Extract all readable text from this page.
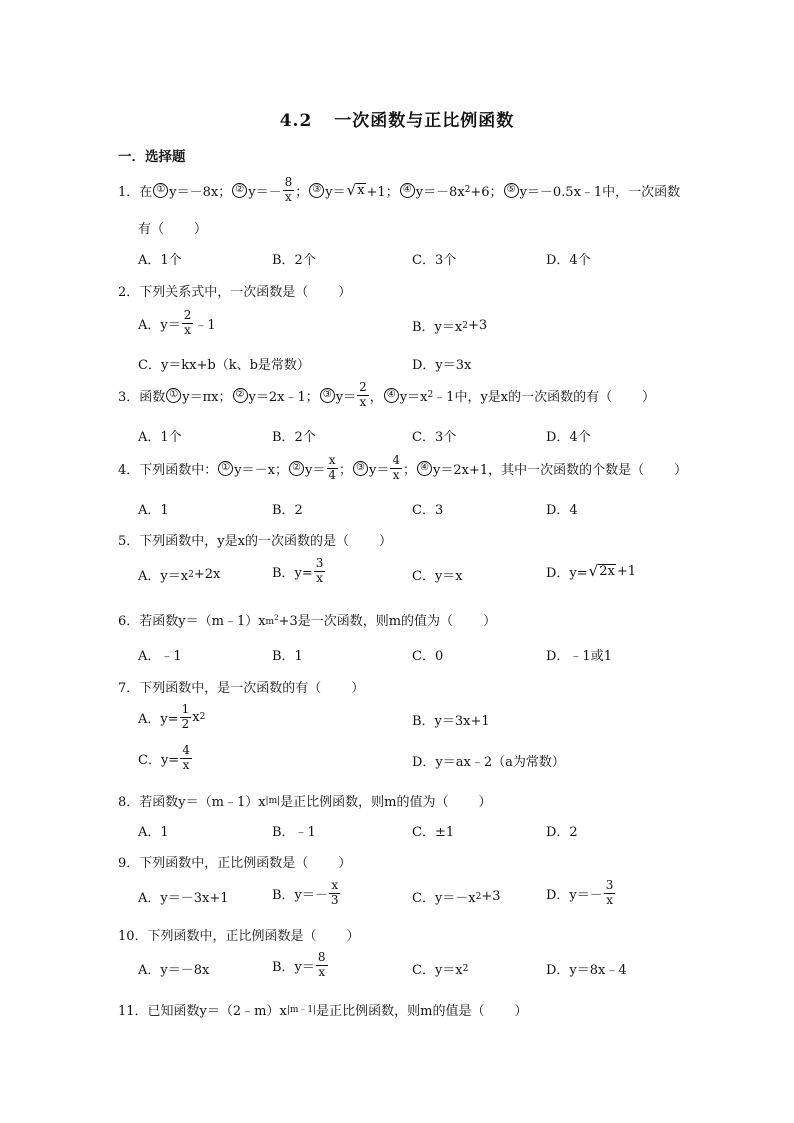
4.2 一次函数与正比例函数
一．选择题
1． 在 ① y＝－8x； ② $y=- \frac{8}{x}$ ； ③ y＝ √ x +1； ④ y＝－8x 2 +6； ⑤ y＝－0.5x﹣1中，一次函数
有（ ）
A．1个	B．2个	C．3个	D．4个
2．下列关系式中，一次函数是（ ）
A．$y= \frac{2}{x}$ ﹣1	B．y＝x 2 +3
C．y＝kx+b（k、b是常数）	D．y＝3x
3．函数 ① y＝πx； ② y＝2x﹣1； ③ $y= \frac{2}{x}$ ， ④ y＝x 2 ﹣1中，y是x的一次函数的有（ ）
A．1个	B．2个	C．3个	D．4个
4．下列函数中： ① y＝－x； ② $y= \frac{x}{4}$ ； ③ $y= \frac{4}{x}$ ； ④ y＝2x+1，其中一次函数的个数是（ ）
A．1	B．2	C．3	D．4
5．下列函数中，y是x的一次函数的是（ ）
A．y＝x 2 +2x	B．$y= \frac{3}{x}$	C．y＝x	D．y= √ 2x +1
6．若函数y＝（m﹣1）x $m^2 +3$是一次函数，则m的值为（ ）
A．﹣1	B．1	C．0	D．﹣1或1
7．下列函数中，是一次函数的有（ ）
A．$y= \frac{1}{2}$ x 2	B．y＝3x+1
C．$y= \frac{4}{x}$	D．y＝ax﹣2（a为常数）
8．若函数y＝（m﹣1）x |m| 是正比例函数，则m的值为（ ）
A．1	B．﹣1	C．±1	D．2
9．下列函数中，正比例函数是（ ）
A．y＝－3x+1	B．$y=- \frac{x}{3}$	C．y＝－x 2 +3	D．$y=- \frac{3}{x}$
10．下列函数中，正比例函数是（ ）
A．y＝－8x	B．$y= \frac{8}{x}$	C．y＝x 2	D．y＝8x﹣4
11．已知函数y＝（2﹣m）x |m﹣1| 是正比例函数，则m的值是（ ）
